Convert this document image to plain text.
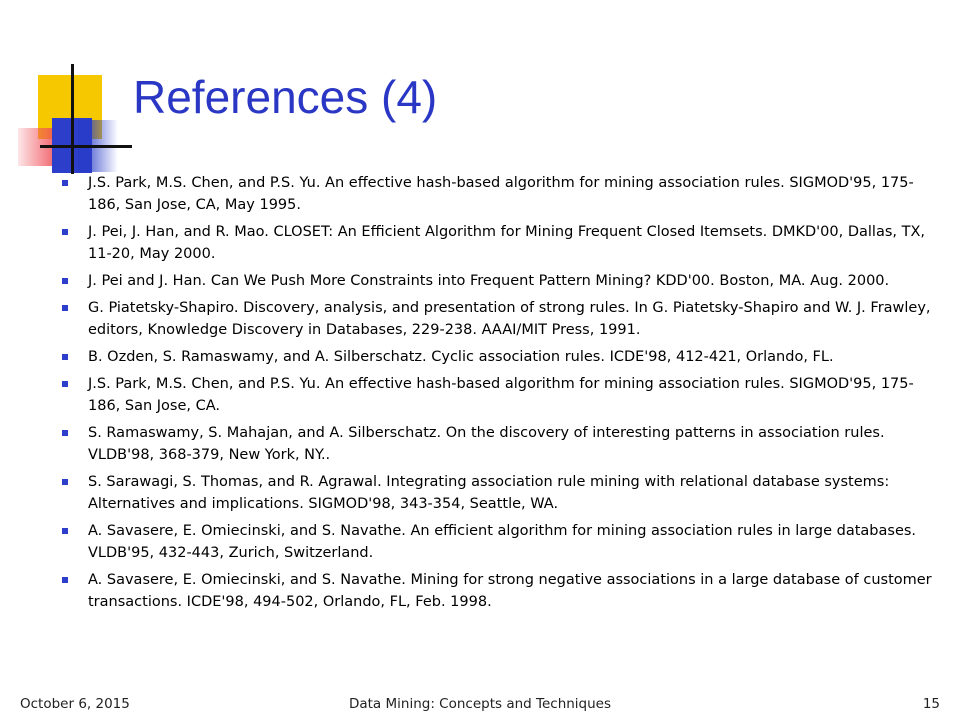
References (4)
J.S. Park, M.S. Chen, and P.S. Yu. An effective hash-based algorithm for mining association rules. SIGMOD'95, 175-186, San Jose, CA, May 1995.
J. Pei, J. Han, and R. Mao. CLOSET: An Efficient Algorithm for Mining Frequent Closed Itemsets. DMKD'00, Dallas, TX, 11-20, May 2000.
J. Pei and J. Han. Can We Push More Constraints into Frequent Pattern Mining? KDD'00. Boston, MA. Aug. 2000.
G. Piatetsky-Shapiro. Discovery, analysis, and presentation of strong rules. In G. Piatetsky-Shapiro and W. J. Frawley, editors, Knowledge Discovery in Databases, 229-238. AAAI/MIT Press, 1991.
B. Ozden, S. Ramaswamy, and A. Silberschatz. Cyclic association rules. ICDE'98, 412-421, Orlando, FL.
J.S. Park, M.S. Chen, and P.S. Yu. An effective hash-based algorithm for mining association rules. SIGMOD'95, 175-186, San Jose, CA.
S. Ramaswamy, S. Mahajan, and A. Silberschatz. On the discovery of interesting patterns in association rules. VLDB'98, 368-379, New York, NY..
S. Sarawagi, S. Thomas, and R. Agrawal. Integrating association rule mining with relational database systems: Alternatives and implications. SIGMOD'98, 343-354, Seattle, WA.
A. Savasere, E. Omiecinski, and S. Navathe. An efficient algorithm for mining association rules in large databases. VLDB'95, 432-443, Zurich, Switzerland.
A. Savasere, E. Omiecinski, and S. Navathe. Mining for strong negative associations in a large database of customer transactions. ICDE'98, 494-502, Orlando, FL, Feb. 1998.
October 6, 2015	Data Mining: Concepts and Techniques	15
